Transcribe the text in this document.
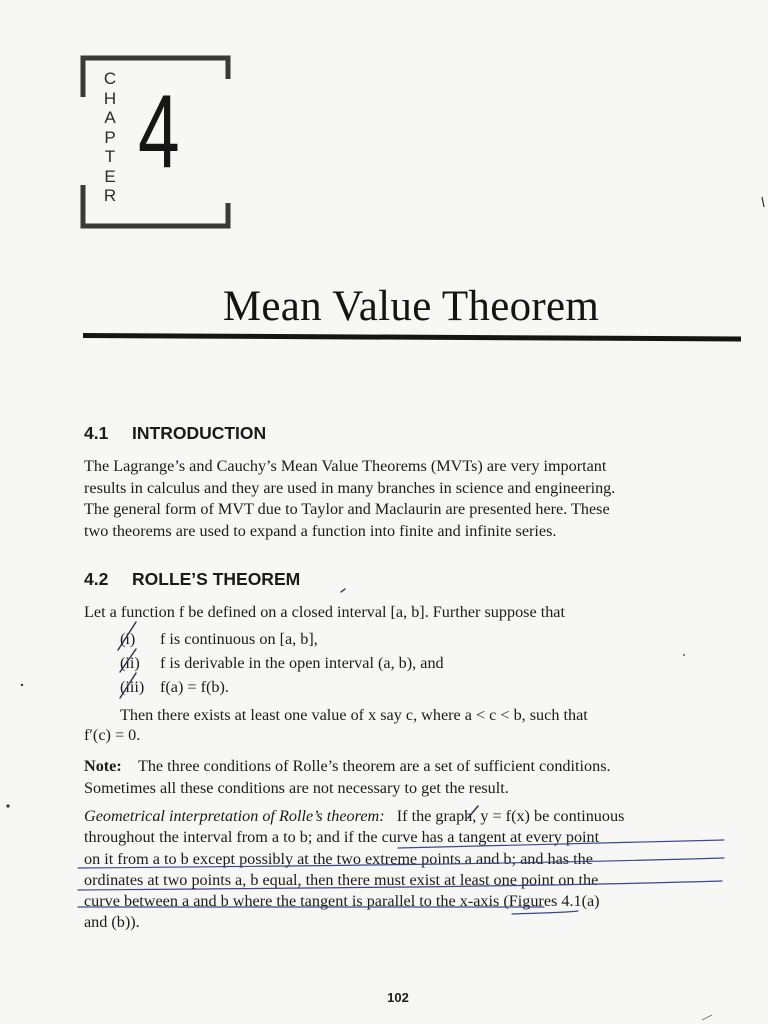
C
H
A
P
T
E
R
4
Mean Value Theorem
4.1 INTRODUCTION
The Lagrange’s and Cauchy’s Mean Value Theorems (MVTs) are very important
results in calculus and they are used in many branches in science and engineering.
The general form of MVT due to Taylor and Maclaurin are presented here. These
two theorems are used to expand a function into finite and infinite series.
4.2 ROLLE’S THEOREM
Let a function f be defined on a closed interval [a, b]. Further suppose that
(i) f is continuous on [a, b],
(ii) f is derivable in the open interval (a, b), and
(iii) f(a) = f(b).
Then there exists at least one value of x say c, where a < c < b, such that
f′(c) = 0.
Note: The three conditions of Rolle’s theorem are a set of sufficient conditions.
Sometimes all these conditions are not necessary to get the result.
Geometrical interpretation of Rolle’s theorem: If the graph, y = f(x) be continuous
throughout the interval from a to b; and if the curve has a tangent at every point
on it from a to b except possibly at the two extreme points a and b; and has the
ordinates at two points a, b equal, then there must exist at least one point on the
curve between a and b where the tangent is parallel to the x-axis (Figures 4.1(a)
and (b)).
102
